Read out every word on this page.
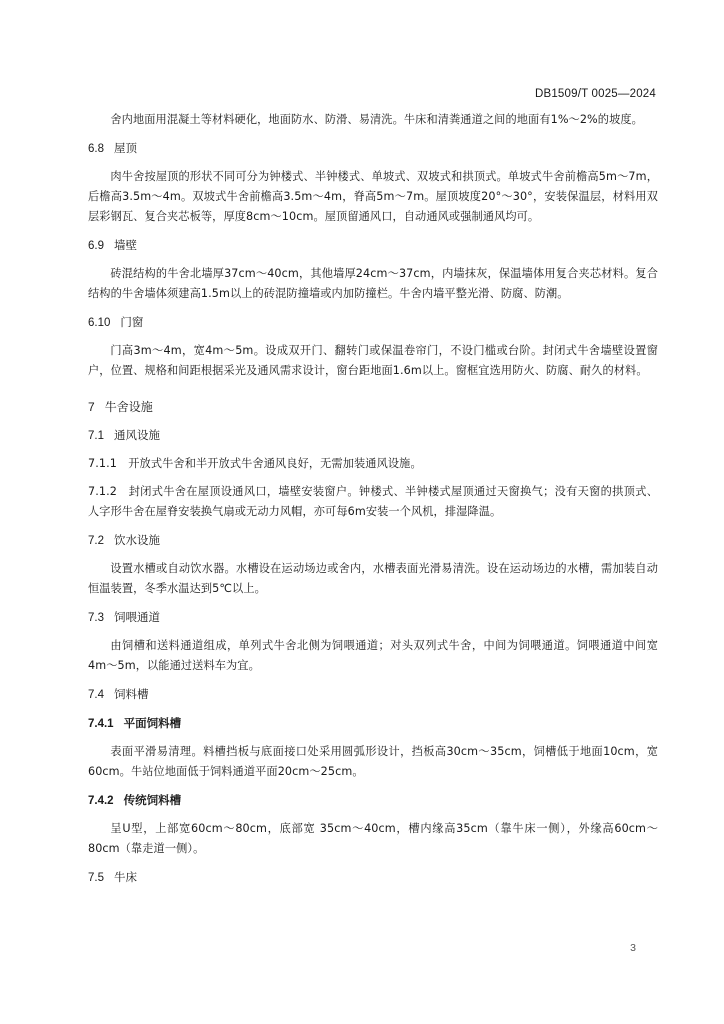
DB1509/T 0025—2024

舍内地面用混凝土等材料硬化，地面防水、防滑、易清洗。牛床和清粪通道之间的地面有1%～2%的坡度。

6.8 屋顶

肉牛舍按屋顶的形状不同可分为钟楼式、半钟楼式、单坡式、双坡式和拱顶式。单坡式牛舍前檐高5m～7m，后檐高3.5m～4m。双坡式牛舍前檐高3.5m～4m，脊高5m～7m。屋顶坡度20°～30°，安装保温层，材料用双层彩钢瓦、复合夹芯板等，厚度8cm～10cm。屋顶留通风口，自动通风或强制通风均可。

6.9 墙壁

砖混结构的牛舍北墙厚37cm～40cm，其他墙厚24cm～37cm，内墙抹灰，保温墙体用复合夹芯材料。复合结构的牛舍墙体须建高1.5m以上的砖混防撞墙或内加防撞栏。牛舍内墙平整光滑、防腐、防潮。

6.10 门窗

门高3m～4m，宽4m～5m。设成双开门、翻转门或保温卷帘门，不设门槛或台阶。封闭式牛舍墙壁设置窗户，位置、规格和间距根据采光及通风需求设计，窗台距地面1.6m以上。窗框宜选用防火、防腐、耐久的材料。

7 牛舍设施
7.1 通风设施

7.1.1　开放式牛舍和半开放式牛舍通风良好，无需加装通风设施。

7.1.2　封闭式牛舍在屋顶设通风口，墙壁安装窗户。钟楼式、半钟楼式屋顶通过天窗换气；没有天窗的拱顶式、人字形牛舍在屋脊安装换气扇或无动力风帽，亦可每6m安装一个风机，排湿降温。

7.2 饮水设施

设置水槽或自动饮水器。水槽设在运动场边或舍内，水槽表面光滑易清洗。设在运动场边的水槽，需加装自动恒温装置，冬季水温达到5℃以上。

7.3 饲喂通道

由饲槽和送料通道组成，单列式牛舍北侧为饲喂通道；对头双列式牛舍，中间为饲喂通道。饲喂通道中间宽4m～5m，以能通过送料车为宜。

7.4 饲料槽
7.4.1 平面饲料槽

表面平滑易清理。料槽挡板与底面接口处采用圆弧形设计，挡板高30cm～35cm，饲槽低于地面10cm，宽60cm。牛站位地面低于饲料通道平面20cm～25cm。

7.4.2 传统饲料槽

呈U型，上部宽60cm～80cm，底部宽 35cm～40cm，槽内缘高35cm（靠牛床一侧），外缘高60cm～80cm（靠走道一侧）。

7.5 牛床
3
